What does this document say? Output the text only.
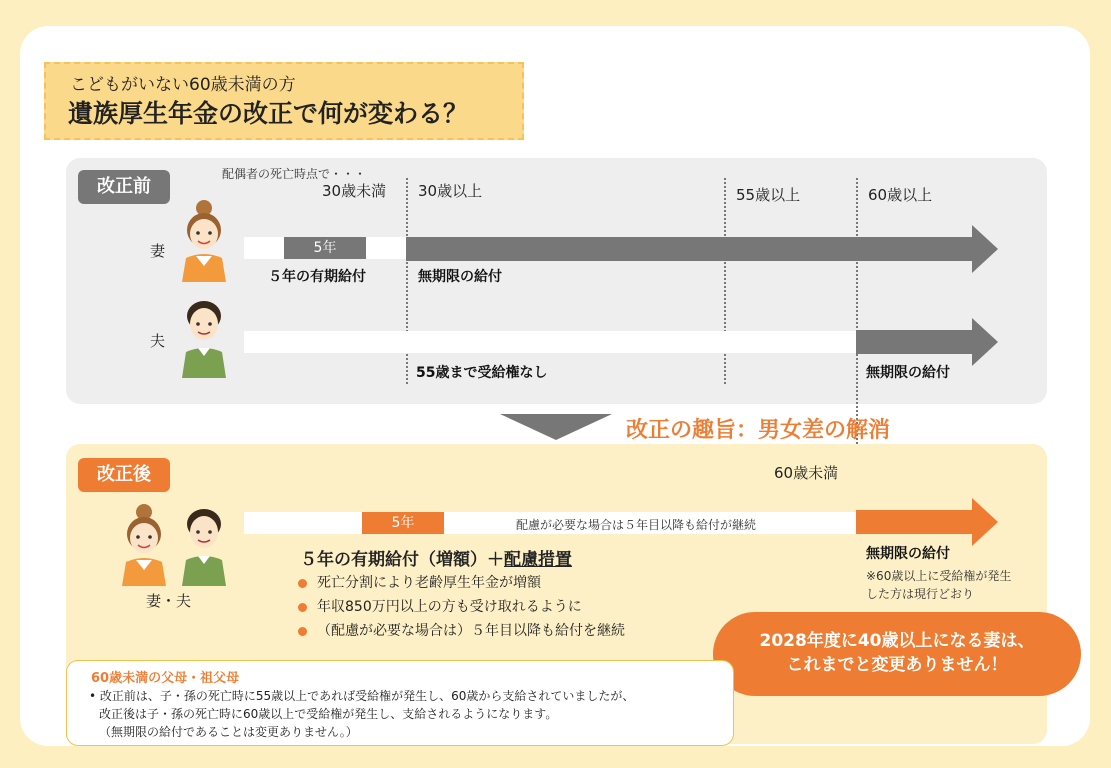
こどもがいない60歳未満の方
遺族厚生年金の改正で何が変わる？
改正前
配偶者の死亡時点で・・・
30歳未満 30歳以上	55歳以上	60歳以上
妻	5年
５年の有期給付	無期限の給付
夫
55歳まで受給権なし	無期限の給付
改正の趣旨：男女差の解消
改正後	60歳未満
妻・夫
5年	配慮が必要な場合は５年目以降も給付が継続
５年の有期給付（増額）＋配慮措置
死亡分割により老齢厚生年金が増額
年収850万円以上の方も受け取れるように
（配慮が必要な場合は）５年目以降も給付を継続
無期限の給付
※60歳以上に受給権が発生
した方は現行どおり
2028年度に40歳以上になる妻は、
これまでと変更ありません！
60歳未満の父母・祖父母
• 改正前は、子・孫の死亡時に55歳以上であれば受給権が発生し、60歳から支給されていましたが、
改正後は子・孫の死亡時に60歳以上で受給権が発生し、支給されるようになります。
（無期限の給付であることは変更ありません。）
